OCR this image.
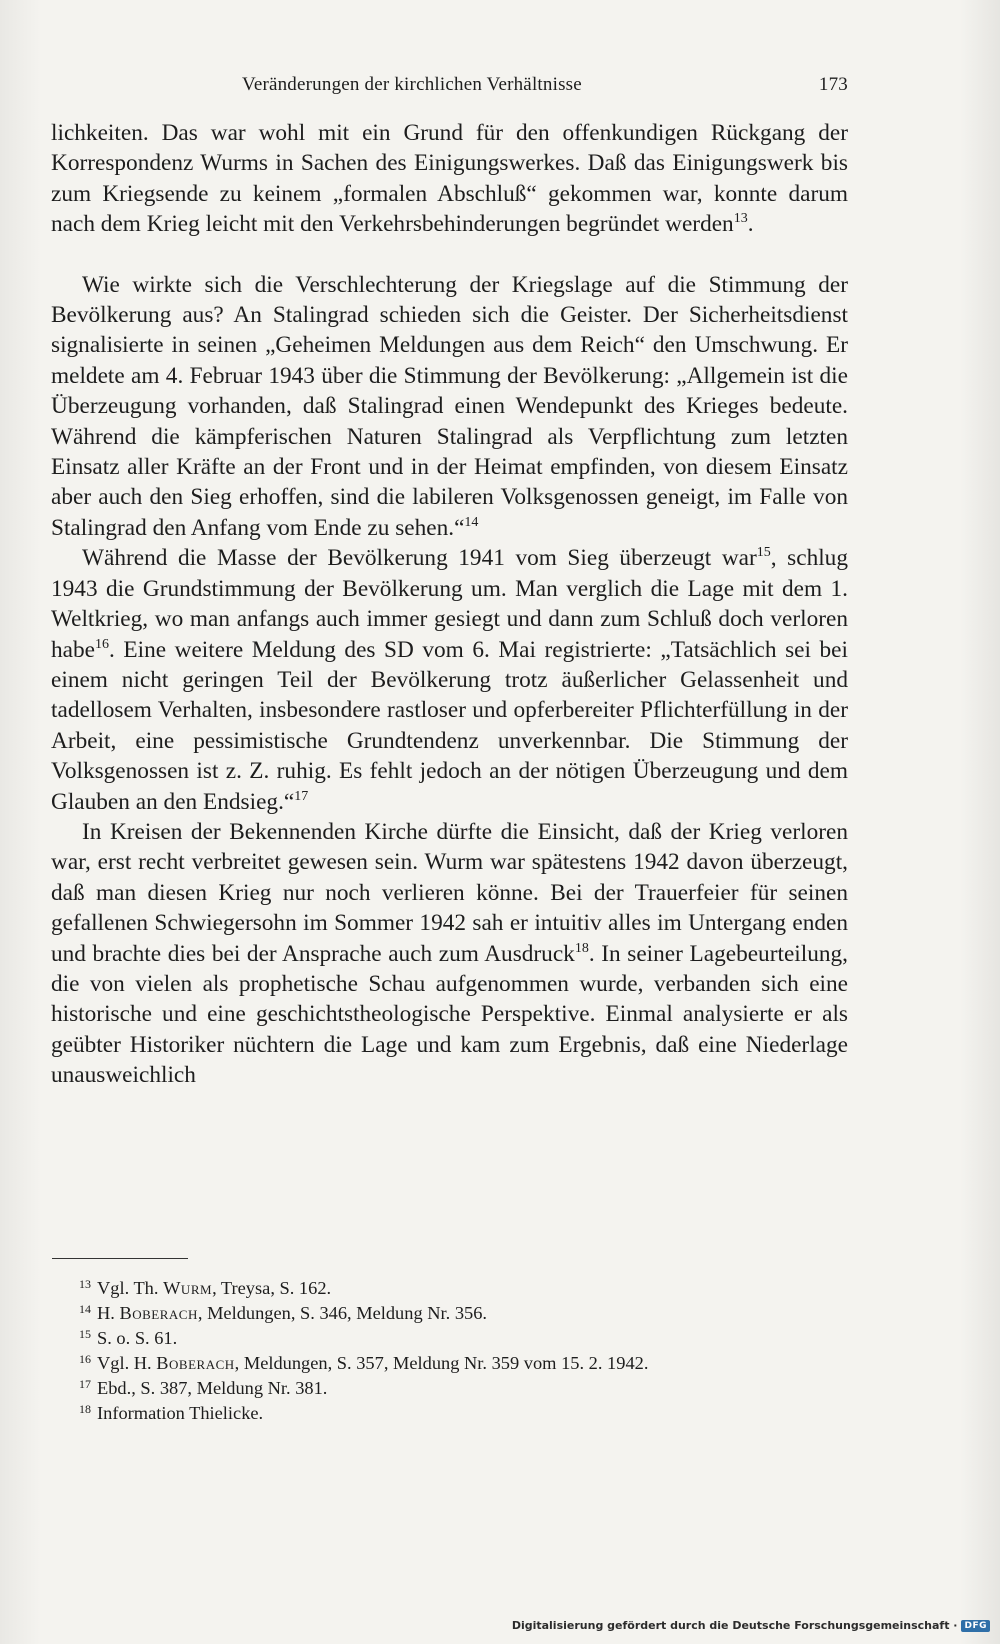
Veränderungen der kirchlichen Verhältnisse	173

lichkeiten. Das war wohl mit ein Grund für den offenkundigen Rückgang der Korrespondenz Wurms in Sachen des Einigungswerkes. Daß das Einigungswerk bis zum Kriegsende zu keinem „formalen Abschluß“ gekommen war, konnte darum nach dem Krieg leicht mit den Verkehrsbehinderungen begründet werden$^{13}$.

Wie wirkte sich die Verschlechterung der Kriegslage auf die Stimmung der Bevölkerung aus? An Stalingrad schieden sich die Geister. Der Sicherheitsdienst signalisierte in seinen „Geheimen Meldungen aus dem Reich“ den Umschwung. Er meldete am 4. Februar 1943 über die Stimmung der Bevölkerung: „Allgemein ist die Überzeugung vorhanden, daß Stalingrad einen Wendepunkt des Krieges bedeute. Während die kämpferischen Naturen Stalingrad als Verpflichtung zum letzten Einsatz aller Kräfte an der Front und in der Heimat empfinden, von diesem Einsatz aber auch den Sieg erhoffen, sind die labileren Volksgenossen geneigt, im Falle von Stalingrad den Anfang vom Ende zu sehen.“$^{14}$

Während die Masse der Bevölkerung 1941 vom Sieg überzeugt war$^{15}$, schlug 1943 die Grundstimmung der Bevölkerung um. Man verglich die Lage mit dem 1. Weltkrieg, wo man anfangs auch immer gesiegt und dann zum Schluß doch verloren habe$^{16}$. Eine weitere Meldung des SD vom 6. Mai registrierte: „Tatsächlich sei bei einem nicht geringen Teil der Bevölkerung trotz äußerlicher Gelassenheit und tadellosem Verhalten, insbesondere rastloser und opferbereiter Pflichterfüllung in der Arbeit, eine pessimistische Grundtendenz unverkennbar. Die Stimmung der Volksgenossen ist z. Z. ruhig. Es fehlt jedoch an der nötigen Überzeugung und dem Glauben an den Endsieg.“$^{17}$

In Kreisen der Bekennenden Kirche dürfte die Einsicht, daß der Krieg verloren war, erst recht verbreitet gewesen sein. Wurm war spätestens 1942 davon überzeugt, daß man diesen Krieg nur noch verlieren könne. Bei der Trauerfeier für seinen gefallenen Schwiegersohn im Sommer 1942 sah er intuitiv alles im Untergang enden und brachte dies bei der Ansprache auch zum Ausdruck$^{18}$. In seiner Lagebeurteilung, die von vielen als prophetische Schau aufgenommen wurde, verbanden sich eine historische und eine geschichtstheologische Perspektive. Einmal analysierte er als geübter Historiker nüchtern die Lage und kam zum Ergebnis, daß eine Niederlage unausweichlich

$^{13}$ Vgl. Th. Wurm, Treysa, S. 162.

$^{14}$ H. Boberach, Meldungen, S. 346, Meldung Nr. 356.

$^{15}$ S. o. S. 61.

$^{16}$ Vgl. H. Boberach, Meldungen, S. 357, Meldung Nr. 359 vom 15. 2. 1942.

$^{17}$ Ebd., S. 387, Meldung Nr. 381.

$^{18}$ Information Thielicke.

Digitalisierung gefördert durch die Deutsche Forschungsgemeinschaft · DFG
